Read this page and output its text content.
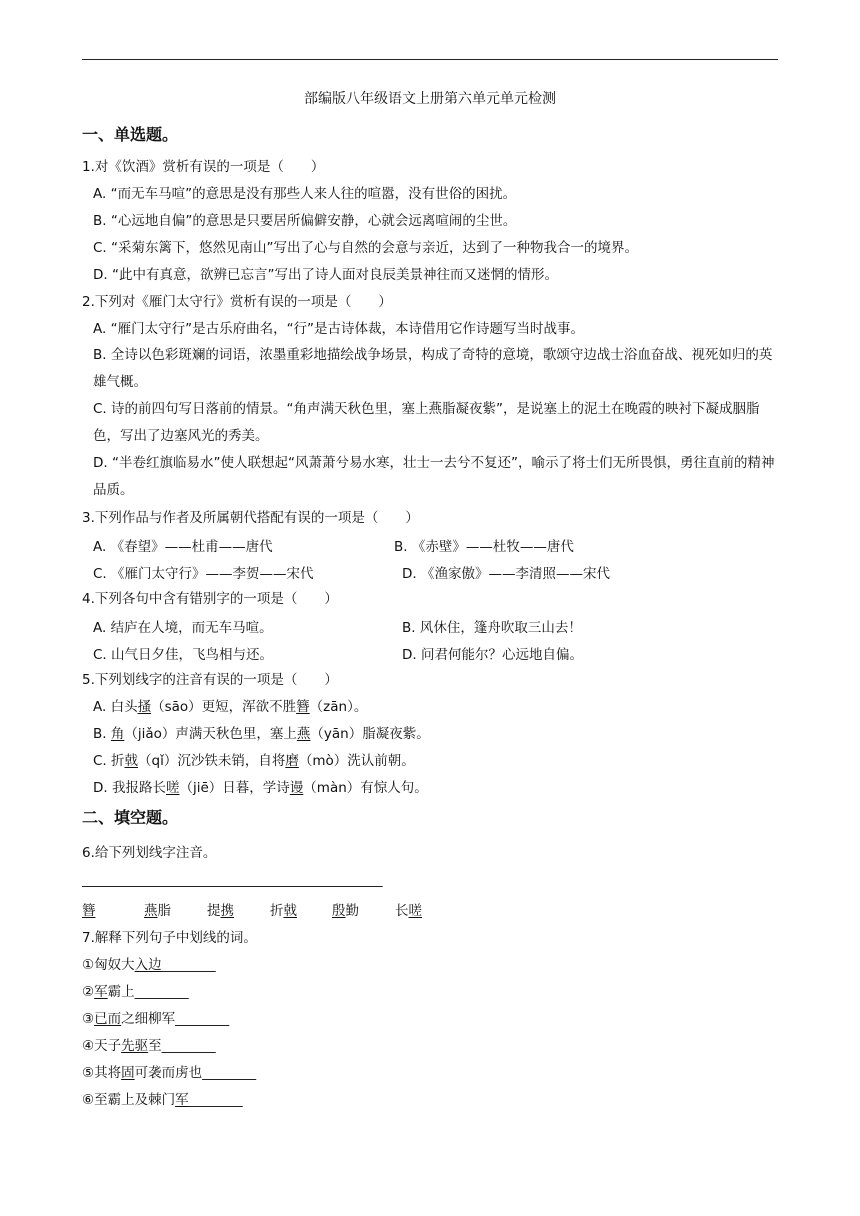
部编版八年级语文上册第六单元单元检测
一、单选题。
1.对《饮酒》赏析有误的一项是（　　）
A. “而无车马喧”的意思是没有那些人来人往的喧嚣，没有世俗的困扰。
B. “心远地自偏”的意思是只要居所偏僻安静，心就会远离喧闹的尘世。
C. “采菊东篱下，悠然见南山”写出了心与自然的会意与亲近，达到了一种物我合一的境界。
D. “此中有真意，欲辨已忘言”写出了诗人面对良辰美景神往而又迷惘的情形。
2.下列对《雁门太守行》赏析有误的一项是（　　）
A. “雁门太守行”是古乐府曲名，“行”是古诗体裁，本诗借用它作诗题写当时战事。
B. 全诗以色彩斑斓的词语，浓墨重彩地描绘战争场景，构成了奇特的意境，歌颂守边战士浴血奋战、视死如归的英雄气概。
C. 诗的前四句写日落前的情景。“角声满天秋色里，塞上燕脂凝夜紫”，是说塞上的泥土在晚霞的映衬下凝成胭脂色，写出了边塞风光的秀美。
D. “半卷红旗临易水”使人联想起“风萧萧兮易水寒，壮士一去兮不复还”，喻示了将士们无所畏惧，勇往直前的精神品质。
3.下列作品与作者及所属朝代搭配有误的一项是（　　）
A. 《春望》——杜甫——唐代	B. 《赤壁》——杜牧——唐代
C. 《雁门太守行》——李贺——宋代	D. 《渔家傲》——李清照——宋代
4.下列各句中含有错别字的一项是（　　）
A. 结庐在人境，而无车马喧。	B. 风休住，篷舟吹取三山去！
C. 山气日夕佳，飞鸟相与还。	D. 问君何能尔？心远地自偏。
5.下列划线字的注音有误的一项是（　　）
A. 白头搔（sāo）更短，浑欲不胜簪（zān）。
B. 角（jiǎo）声满天秋色里，塞上燕（yān）脂凝夜紫。
C. 折戟（qǐ）沉沙铁未销，自将磨（mò）洗认前朝。
D. 我报路长嗟（jiē）日暮，学诗谩（màn）有惊人句。
二、填空题。
6.给下列划线字注音。
________________________________________________
簪	燕脂	提携	折戟	殷勤	长嗟
7.解释下列句子中划线的词。
①匈奴大入边________
②军霸上________
③已而之细柳军________
④天子先驱至________
⑤其将固可袭而虏也________
⑥至霸上及棘门军________
